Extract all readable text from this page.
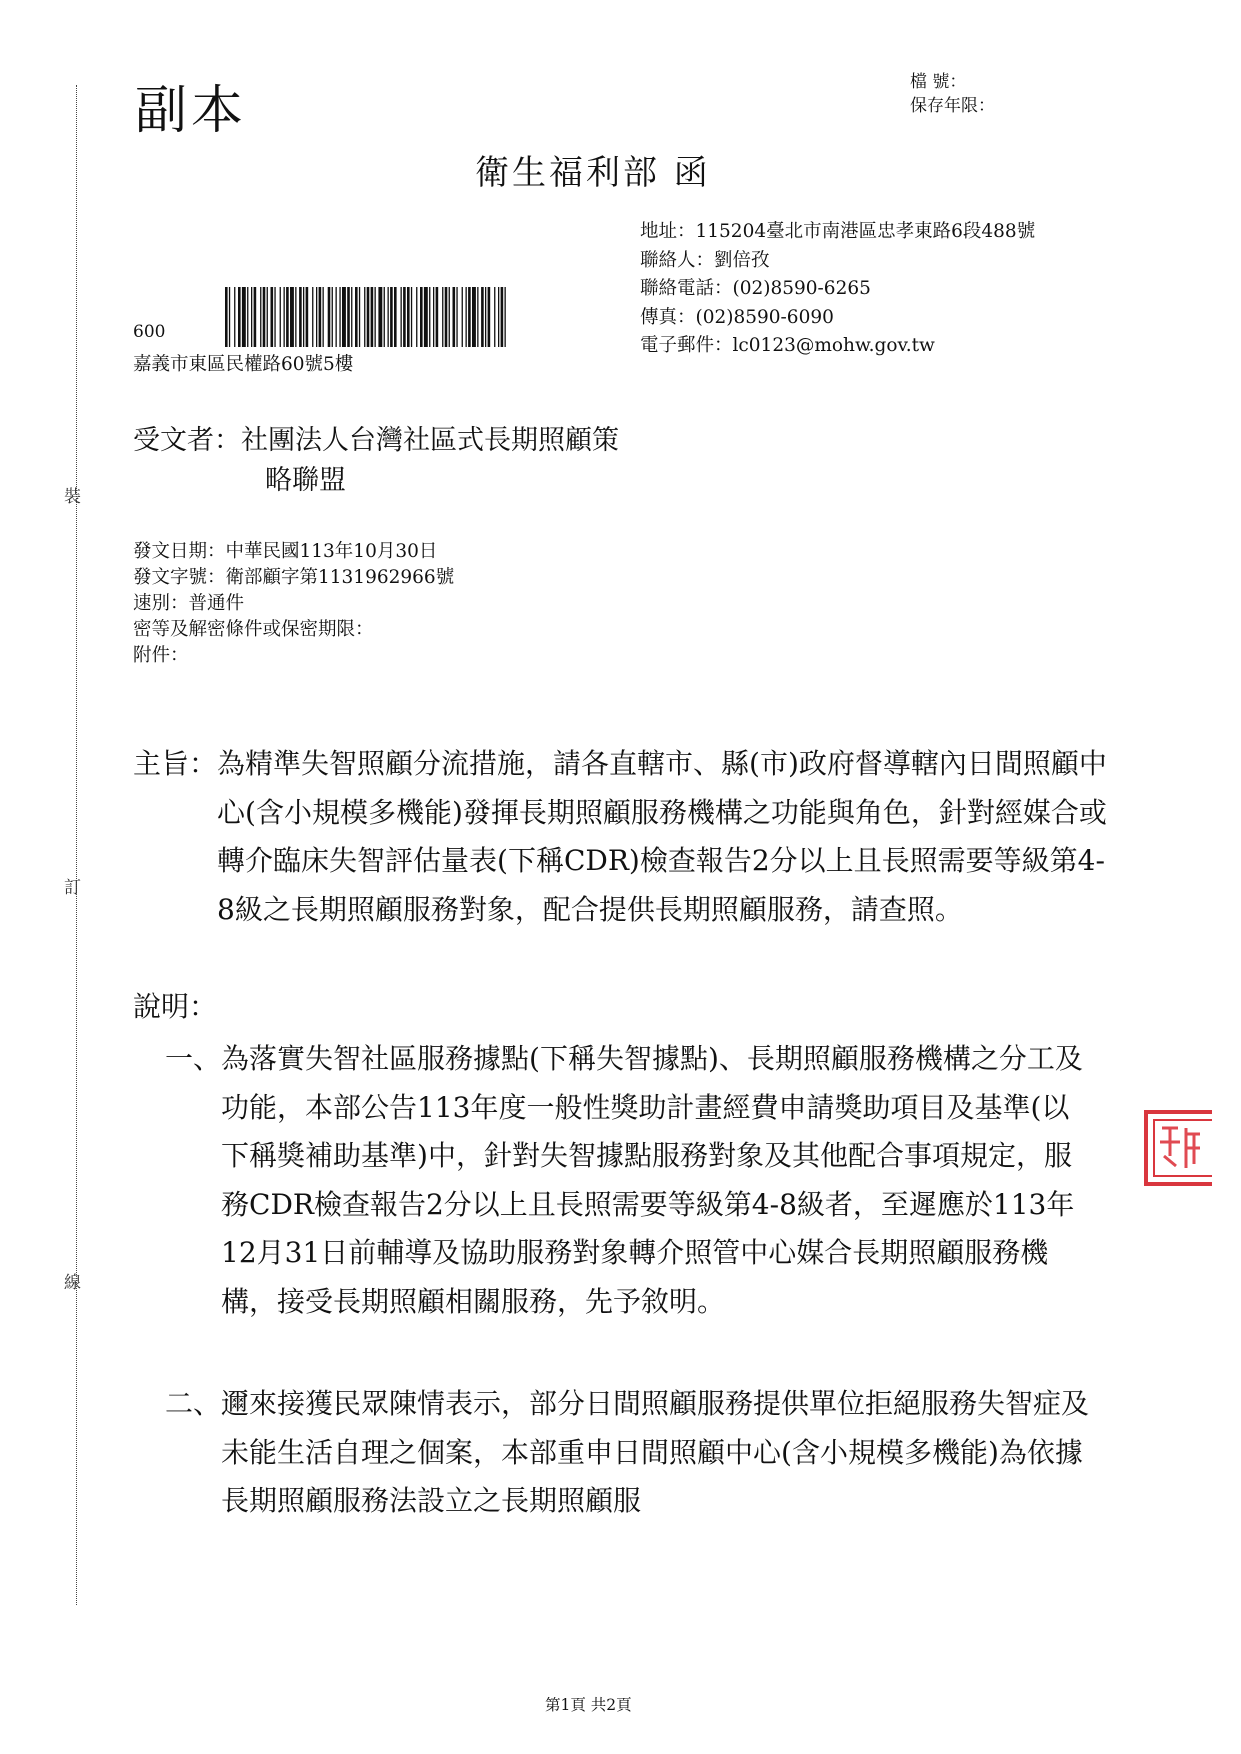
裝
訂
線
副本	檔 號：
保存年限：
衛生福利部 函
地址：115204臺北市南港區忠孝東路6段488號
聯絡人：劉倍孜
聯絡電話：(02)8590-6265
傳真：(02)8590-6090
電子郵件：lc0123@mohw.gov.tw
600
嘉義市東區民權路60號5樓
受文者：社團法人台灣社區式長期照顧策
略聯盟
發文日期：中華民國113年10月30日
發文字號：衛部顧字第1131962966號
速別：普通件
密等及解密條件或保密期限：
附件：
主旨： 為精準失智照顧分流措施，請各直轄市、縣(市)政府督導轄內日間照顧中心(含小規模多機能)發揮長期照顧服務機構之功能與角色，針對經媒合或轉介臨床失智評估量表(下稱CDR)檢查報告2分以上且長照需要等級第4-8級之長期照顧服務對象，配合提供長期照顧服務，請查照。
說明：
一、 為落實失智社區服務據點(下稱失智據點)、長期照顧服務機構之分工及功能，本部公告113年度一般性獎助計畫經費申請獎助項目及基準(以下稱獎補助基準)中，針對失智據點服務對象及其他配合事項規定，服務CDR檢查報告2分以上且長照需要等級第4-8級者，至遲應於113年12月31日前輔導及協助服務對象轉介照管中心媒合長期照顧服務機構，接受長期照顧相關服務，先予敘明。
二、 邇來接獲民眾陳情表示，部分日間照顧服務提供單位拒絕服務失智症及未能生活自理之個案，本部重申日間照顧中心(含小規模多機能)為依據長期照顧服務法設立之長期照顧服
第1頁 共2頁
